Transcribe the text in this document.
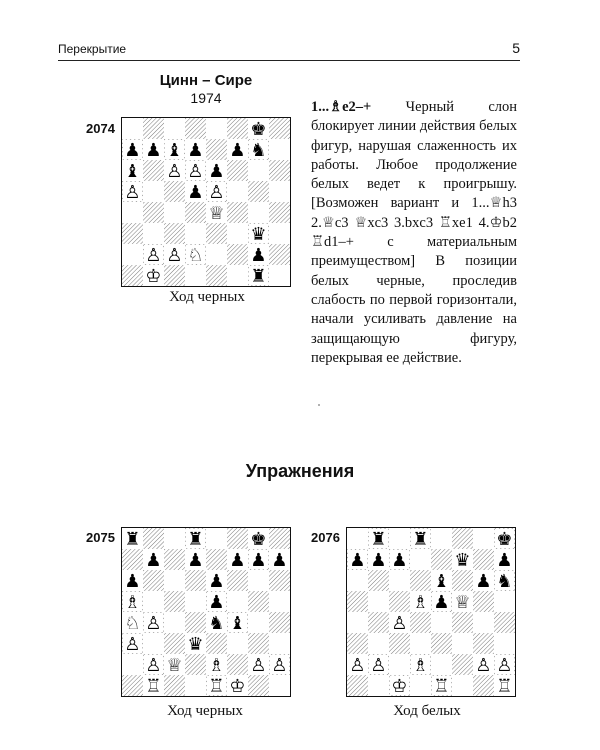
Перекрытие	5
Цинн – Сире
1974
2074	♚
♟ ♟ ♝ ♟ ♟ ♞
♝ ♙ ♙ ♟
♙	♟ ♙
♕
♛
♙ ♙ ♘	♟
♔	♜
Ход черных

1...♗e2–+ Черный слон блокирует линии действия белых фигур, нарушая слаженность их работы. Любое продолжение белых ведет к проигрышу. [Возможен вариант и 1...♕h3 2.♕c3 ♕xc3 3.bxc3 ♖xe1 4.♔b2 ♖d1–+ с материальным преимуществом] В позиции белых черные, проследив слабость по первой горизонтали, начали усиливать давление на защищающую фигуру, перекрывая ее действие.

Упражнения
2075 ♜	♜	♚
♟ ♟ ♟ ♟ ♟
♟	♟
♗	♟
♘ ♙	♞ ♝
♙	♛
♙ ♕ ♗ ♙ ♙
♖	♖ ♔
Ход черных
2076 ♜ ♜	♚
♟ ♟ ♟	♛ ♟
♝ ♟ ♞
♗ ♟ ♕
♙
♙ ♙ ♗	♙ ♙
♔ ♖	♖
Ход белых
